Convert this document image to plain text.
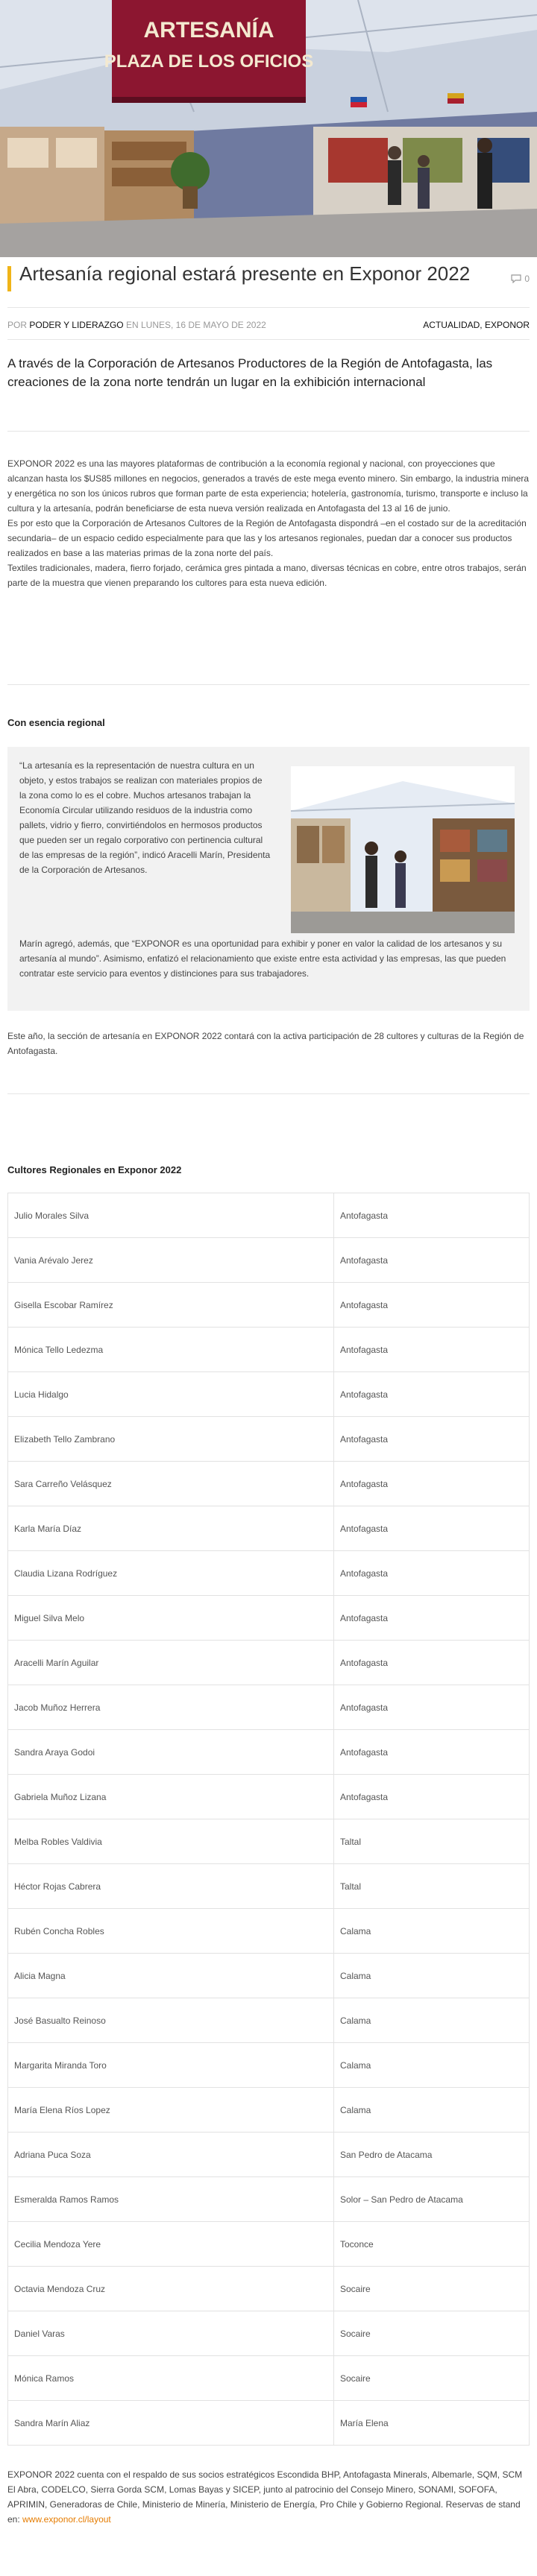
ARTESANÍA
PLAZA DE LOS OFICIOS
Artesanía regional estará presente en Exponor 2022	0
POR PODER Y LIDERAZGO EN LUNES, 16 DE MAYO DE 2022	ACTUALIDAD, EXPONOR

A través de la Corporación de Artesanos Productores de la Región de Antofagasta, las creaciones de la zona norte tendrán un lugar en la exhibición internacional

EXPONOR 2022 es una las mayores plataformas de contribución a la economía regional y nacional, con proyecciones que alcanzan hasta los $US85 millones en negocios, generados a través de este mega evento minero. Sin embargo, la industria minera y energética no son los únicos rubros que forman parte de esta experiencia; hotelería, gastronomía, turismo, transporte e incluso la cultura y la artesanía, podrán beneficiarse de esta nueva versión realizada en Antofagasta del 13 al 16 de junio.

Es por esto que la Corporación de Artesanos Cultores de la Región de Antofagasta dispondrá –en el costado sur de la acreditación secundaria– de un espacio cedido especialmente para que las y los artesanos regionales, puedan dar a conocer sus productos realizados en base a las materias primas de la zona norte del país.

Textiles tradicionales, madera, fierro forjado, cerámica gres pintada a mano, diversas técnicas en cobre, entre otros trabajos, serán parte de la muestra que vienen preparando los cultores para esta nueva edición.

Con esencia regional

“La artesanía es la representación de nuestra cultura en un objeto, y estos trabajos se realizan con materiales propios de la zona como lo es el cobre. Muchos artesanos trabajan la Economía Circular utilizando residuos de la industria como pallets, vidrio y fierro, convirtiéndolos en hermosos productos que pueden ser un regalo corporativo con pertinencia cultural de las empresas de la región”, indicó Aracelli Marín, Presidenta de la Corporación de Artesanos.

Marín agregó, además, que “EXPONOR es una oportunidad para exhibir y poner en valor la calidad de los artesanos y su artesanía al mundo”. Asimismo, enfatizó el relacionamiento que existe entre esta actividad y las empresas, las que pueden contratar este servicio para eventos y distinciones para sus trabajadores.

Este año, la sección de artesanía en EXPONOR 2022 contará con la activa participación de 28 cultores y culturas de la Región de Antofagasta.

Cultores Regionales en Exponor 2022
Julio Morales Silva	Antofagasta
Vania Arévalo Jerez	Antofagasta
Gisella Escobar Ramírez	Antofagasta
Mónica Tello Ledezma	Antofagasta
Lucia Hidalgo	Antofagasta
Elizabeth Tello Zambrano	Antofagasta
Sara Carreño Velásquez	Antofagasta
Karla María Díaz	Antofagasta
Claudia Lizana Rodríguez	Antofagasta
Miguel Silva Melo	Antofagasta
Aracelli Marín Aguilar	Antofagasta
Jacob Muñoz Herrera	Antofagasta
Sandra Araya Godoi	Antofagasta
Gabriela Muñoz Lizana	Antofagasta
Melba Robles Valdivia	Taltal
Héctor Rojas Cabrera	Taltal
Rubén Concha Robles	Calama
Alicia Magna	Calama
José Basualto Reinoso	Calama
Margarita Miranda Toro	Calama
María Elena Ríos Lopez	Calama
Adriana Puca Soza	San Pedro de Atacama
Esmeralda Ramos Ramos	Solor – San Pedro de Atacama
Cecilia Mendoza Yere	Toconce
Octavia Mendoza Cruz	Socaire
Daniel Varas	Socaire
Mónica Ramos	Socaire
Sandra Marín Aliaz	María Elena

EXPONOR 2022 cuenta con el respaldo de sus socios estratégicos Escondida BHP, Antofagasta Minerals, Albemarle, SQM, SCM El Abra, CODELCO, Sierra Gorda SCM, Lomas Bayas y SICEP, junto al patrocinio del Consejo Minero, SONAMI, SOFOFA, APRIMIN, Generadoras de Chile, Ministerio de Minería, Ministerio de Energía, Pro Chile y Gobierno Regional. Reservas de stand en: www.exponor.cl/layout
